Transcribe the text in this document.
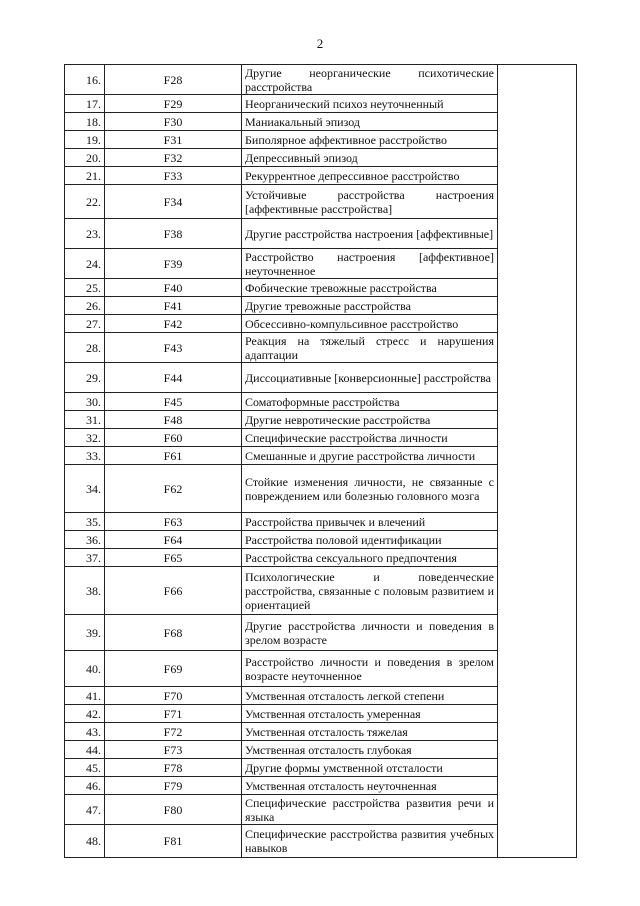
2
16.	F28	Другие неорганические психотические расстройства
17.	F29	Неорганический психоз неуточненный
18.	F30	Маниакальный эпизод
19.	F31	Биполярное аффективное расстройство
20.	F32	Депрессивный эпизод
21.	F33	Рекуррентное депрессивное расстройство
22.	F34	Устойчивые расстройства настроения [аффективные расстройства]
23.	F38	Другие расстройства настроения [аффективные]
24.	F39	Расстройство настроения [аффективное] неуточненное
25.	F40	Фобические тревожные расстройства
26.	F41	Другие тревожные расстройства
27.	F42	Обсессивно-компульсивное расстройство
28.	F43	Реакция на тяжелый стресс и нарушения адаптации
29.	F44	Диссоциативные [конверсионные] расстройства
30.	F45	Соматоформные расстройства
31.	F48	Другие невротические расстройства
32.	F60	Специфические расстройства личности
33.	F61	Смешанные и другие расстройства личности
34.	F62	Стойкие изменения личности, не связанные с повреждением или болезнью головного мозга
35.	F63	Расстройства привычек и влечений
36.	F64	Расстройства половой идентификации
37.	F65	Расстройства сексуального предпочтения
38.	F66	Психологические и поведенческие расстройства, связанные с половым развитием и ориентацией
39.	F68	Другие расстройства личности и поведения в зрелом возрасте
40.	F69	Расстройство личности и поведения в зрелом возрасте неуточненное
41.	F70	Умственная отсталость легкой степени
42.	F71	Умственная отсталость умеренная
43.	F72	Умственная отсталость тяжелая
44.	F73	Умственная отсталость глубокая
45.	F78	Другие формы умственной отсталости
46.	F79	Умственная отсталость неуточненная
47.	F80	Специфические расстройства развития речи и языка
48.	F81	Специфические расстройства развития учебных навыков
